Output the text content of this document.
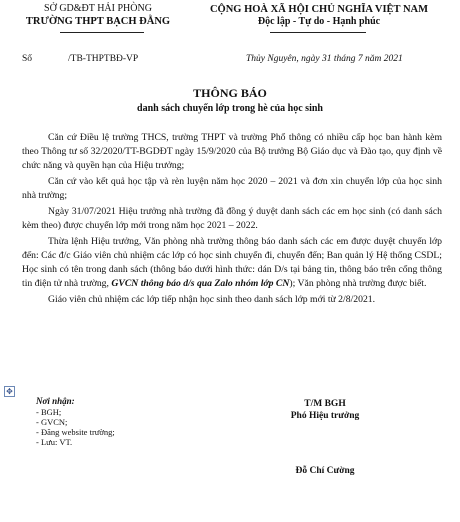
SỞ GD&ĐT HẢI PHÒNG
TRƯỜNG THPT BẠCH ĐẰNG
CỘNG HOÀ XÃ HỘI CHỦ NGHĨA VIỆT NAM
Độc lập - Tự do - Hạnh phúc
Số	/TB-THPTBĐ-VP	Thủy Nguyên, ngày 31 tháng 7 năm 2021
THÔNG BÁO
danh sách chuyển lớp trong hè của học sinh

Căn cứ Điều lệ trường THCS, trường THPT và trường Phổ thông có nhiều cấp học ban hành kèm theo Thông tư số 32/2020/TT-BGDĐT ngày 15/9/2020 của Bộ trưởng Bộ Giáo dục và Đào tạo, quy định về chức năng và quyền hạn của Hiệu trưởng;

Căn cứ vào kết quả học tập và rèn luyện năm học 2020 – 2021 và đơn xin chuyển lớp của học sinh nhà trường;

Ngày 31/07/2021 Hiệu trưởng nhà trường đã đồng ý duyệt danh sách các em học sinh (có danh sách kèm theo) được chuyển lớp mới trong năm học 2021 – 2022.

Thừa lệnh Hiệu trưởng, Văn phòng nhà trường thông báo danh sách các em được duyệt chuyển lớp đến: Các đ/c Giáo viên chủ nhiệm các lớp có học sinh chuyển đi, chuyển đến; Ban quản lý Hệ thống CSDL; Học sinh có tên trong danh sách (thông báo dưới hình thức: dán D/s tại bảng tin, thông báo trên cổng thông tin điện tử nhà trường, GVCN thông báo d/s qua Zalo nhóm lớp CN); Văn phòng nhà trường được biết.

Giáo viên chủ nhiệm các lớp tiếp nhận học sinh theo danh sách lớp mới từ 2/8/2021.

✥
Nơi nhận:
- BGH;
- GVCN;
- Đăng website trường;
- Lưu: VT.
T/M BGH
Phó Hiệu trưởng
Đỗ Chí Cường
